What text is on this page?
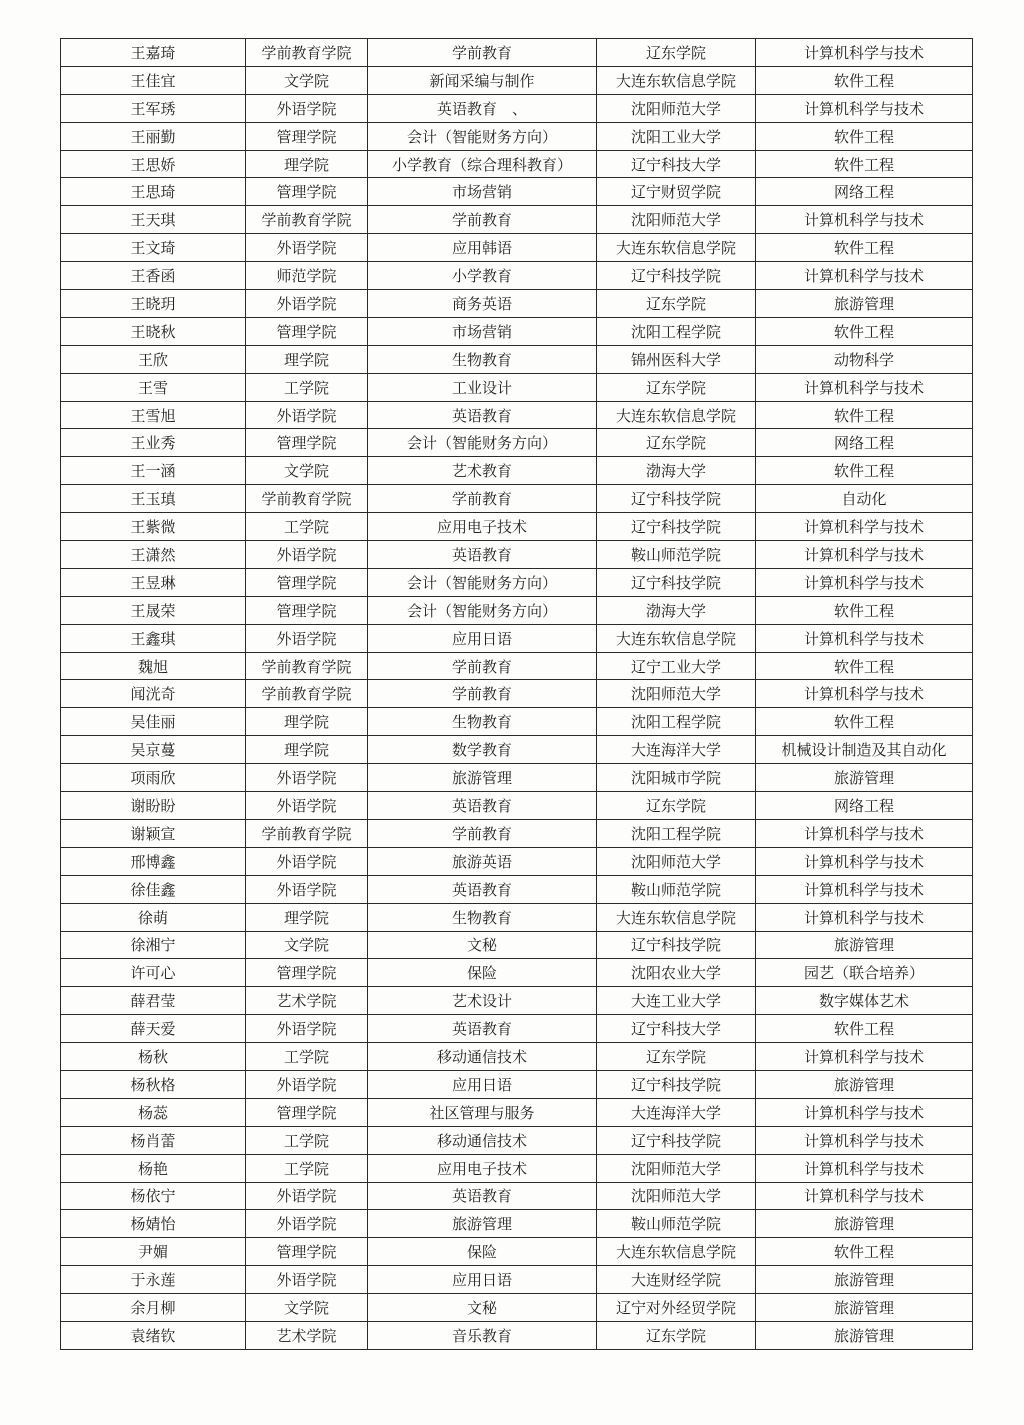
王嘉琦	学前教育学院	学前教育	辽东学院	计算机科学与技术
王佳宜	文学院	新闻采编与制作	大连东软信息学院	软件工程
王军琇	外语学院	英语教育　、	沈阳师范大学	计算机科学与技术
王丽勤	管理学院	会计（智能财务方向）	沈阳工业大学	软件工程
王思娇	理学院	小学教育（综合理科教育）	辽宁科技大学	软件工程
王思琦	管理学院	市场营销	辽宁财贸学院	网络工程
王天琪	学前教育学院	学前教育	沈阳师范大学	计算机科学与技术
王文琦	外语学院	应用韩语	大连东软信息学院	软件工程
王香函	师范学院	小学教育	辽宁科技学院	计算机科学与技术
王晓玥	外语学院	商务英语	辽东学院	旅游管理
王晓秋	管理学院	市场营销	沈阳工程学院	软件工程
王欣	理学院	生物教育	锦州医科大学	动物科学
王雪	工学院	工业设计	辽东学院	计算机科学与技术
王雪旭	外语学院	英语教育	大连东软信息学院	软件工程
王业秀	管理学院	会计（智能财务方向）	辽东学院	网络工程
王一涵	文学院	艺术教育	渤海大学	软件工程
王玉瑱	学前教育学院	学前教育	辽宁科技学院	自动化
王紫微	工学院	应用电子技术	辽宁科技学院	计算机科学与技术
王潇然	外语学院	英语教育	鞍山师范学院	计算机科学与技术
王昱琳	管理学院	会计（智能财务方向）	辽宁科技学院	计算机科学与技术
王晟荣	管理学院	会计（智能财务方向）	渤海大学	软件工程
王鑫琪	外语学院	应用日语	大连东软信息学院	计算机科学与技术
魏旭	学前教育学院	学前教育	辽宁工业大学	软件工程
闻洸奇	学前教育学院	学前教育	沈阳师范大学	计算机科学与技术
吴佳丽	理学院	生物教育	沈阳工程学院	软件工程
吴京蔓	理学院	数学教育	大连海洋大学	机械设计制造及其自动化
项雨欣	外语学院	旅游管理	沈阳城市学院	旅游管理
谢盼盼	外语学院	英语教育	辽东学院	网络工程
谢颖宣	学前教育学院	学前教育	沈阳工程学院	计算机科学与技术
邢博鑫	外语学院	旅游英语	沈阳师范大学	计算机科学与技术
徐佳鑫	外语学院	英语教育	鞍山师范学院	计算机科学与技术
徐萌	理学院	生物教育	大连东软信息学院	计算机科学与技术
徐湘宁	文学院	文秘	辽宁科技学院	旅游管理
许可心	管理学院	保险	沈阳农业大学	园艺（联合培养）
薛君莹	艺术学院	艺术设计	大连工业大学	数字媒体艺术
薛天爱	外语学院	英语教育	辽宁科技大学	软件工程
杨秋	工学院	移动通信技术	辽东学院	计算机科学与技术
杨秋格	外语学院	应用日语	辽宁科技学院	旅游管理
杨蕊	管理学院	社区管理与服务	大连海洋大学	计算机科学与技术
杨肖蕾	工学院	移动通信技术	辽宁科技学院	计算机科学与技术
杨艳	工学院	应用电子技术	沈阳师范大学	计算机科学与技术
杨依宁	外语学院	英语教育	沈阳师范大学	计算机科学与技术
杨婧怡	外语学院	旅游管理	鞍山师范学院	旅游管理
尹媚	管理学院	保险	大连东软信息学院	软件工程
于永莲	外语学院	应用日语	大连财经学院	旅游管理
余月柳	文学院	文秘	辽宁对外经贸学院	旅游管理
袁绪钦	艺术学院	音乐教育	辽东学院	旅游管理
